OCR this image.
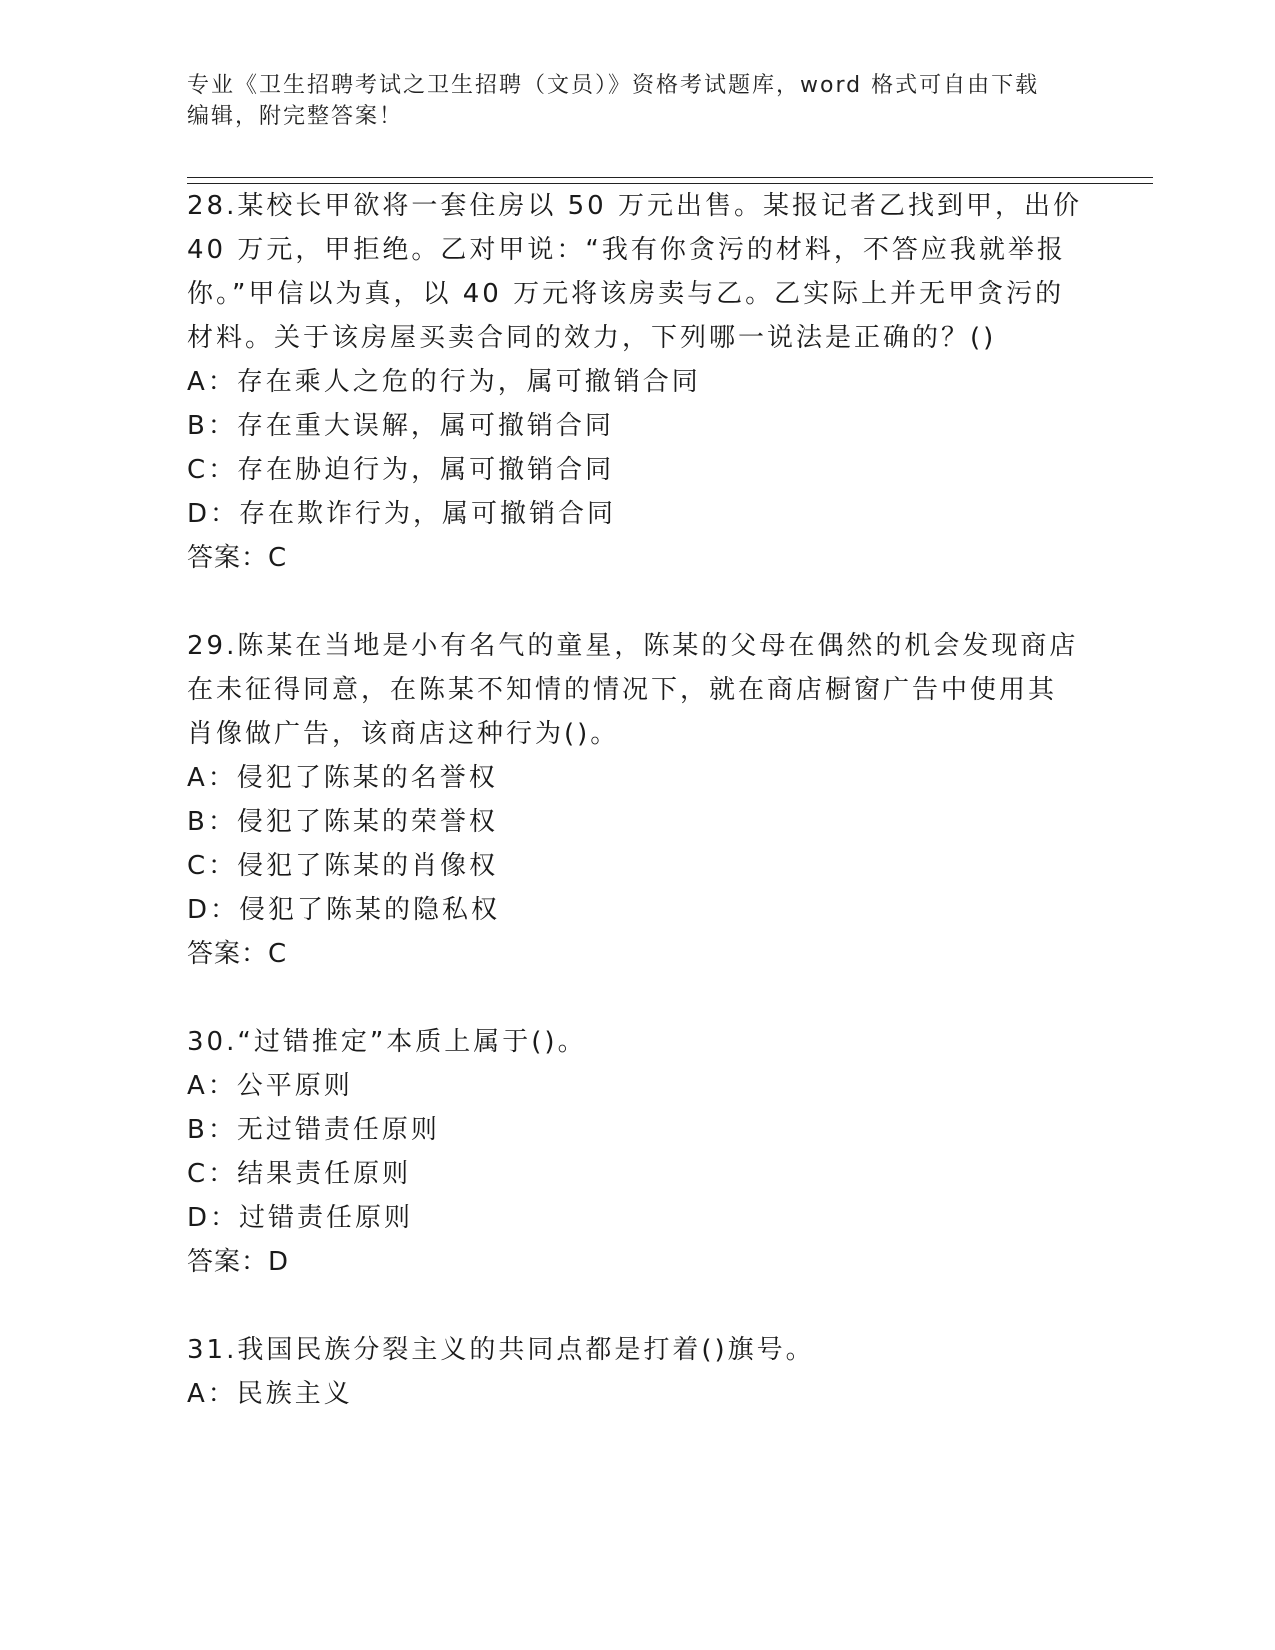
专业《卫生招聘考试之卫生招聘（文员）》资格考试题库，word 格式可自由下载
编辑，附完整答案！
28.某校长甲欲将一套住房以 50 万元出售。某报记者乙找到甲，出价
40 万元，甲拒绝。乙对甲说：“我有你贪污的材料，不答应我就举报
你。”甲信以为真，以 40 万元将该房卖与乙。乙实际上并无甲贪污的
材料。关于该房屋买卖合同的效力，下列哪一说法是正确的？()
A：存在乘人之危的行为，属可撤销合同
B：存在重大误解，属可撤销合同
C：存在胁迫行为，属可撤销合同
D：存在欺诈行为，属可撤销合同
答案：C
29.陈某在当地是小有名气的童星，陈某的父母在偶然的机会发现商店
在未征得同意，在陈某不知情的情况下，就在商店橱窗广告中使用其
肖像做广告，该商店这种行为()。
A：侵犯了陈某的名誉权
B：侵犯了陈某的荣誉权
C：侵犯了陈某的肖像权
D：侵犯了陈某的隐私权
答案：C
30.“过错推定”本质上属于()。
A：公平原则
B：无过错责任原则
C：结果责任原则
D：过错责任原则
答案：D
31.我国民族分裂主义的共同点都是打着()旗号。
A：民族主义
